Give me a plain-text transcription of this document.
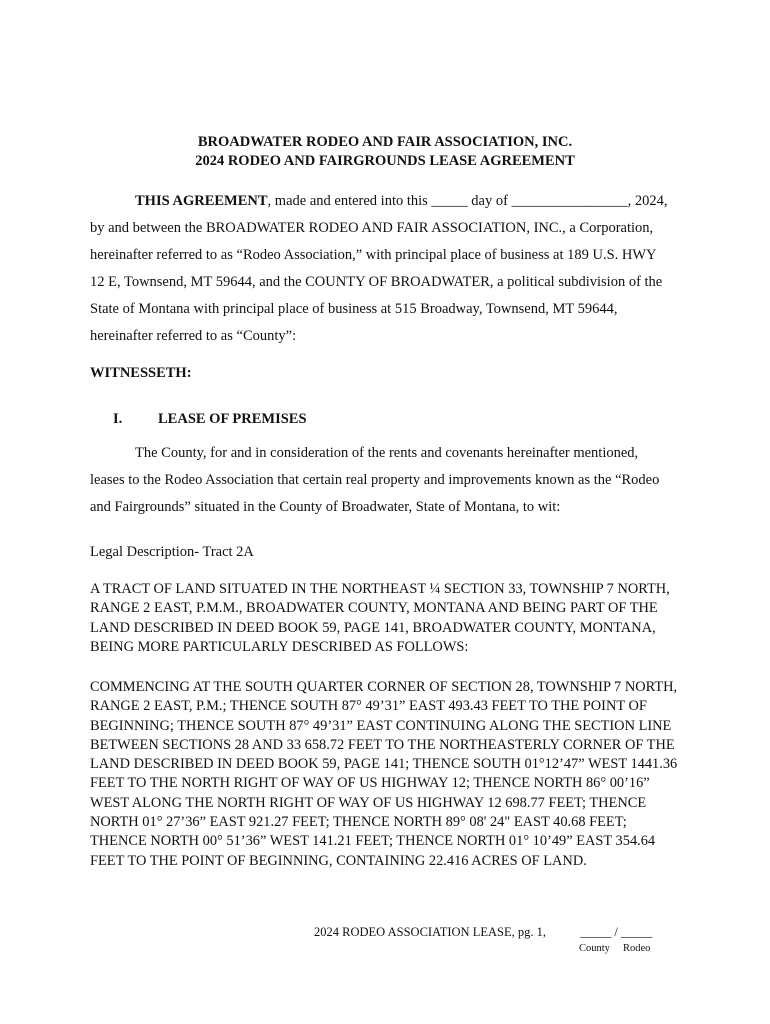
BROADWATER RODEO AND FAIR ASSOCIATION, INC.
2024 RODEO AND FAIRGROUNDS LEASE AGREEMENT

THIS AGREEMENT, made and entered into this _____ day of ________________, 2024, by and between the BROADWATER RODEO AND FAIR ASSOCIATION, INC., a Corporation, hereinafter referred to as “Rodeo Association,” with principal place of business at 189 U.S. HWY 12 E, Townsend, MT 59644, and the COUNTY OF BROADWATER, a political subdivision of the State of Montana with principal place of business at 515 Broadway, Townsend, MT 59644, hereinafter referred to as “County”:

WITNESSETH:
I. LEASE OF PREMISES

The County, for and in consideration of the rents and covenants hereinafter mentioned, leases to the Rodeo Association that certain real property and improvements known as the “Rodeo and Fairgrounds” situated in the County of Broadwater, State of Montana, to wit:

Legal Description- Tract 2A

A TRACT OF LAND SITUATED IN THE NORTHEAST ¼ SECTION 33, TOWNSHIP 7 NORTH, RANGE 2 EAST, P.M.M., BROADWATER COUNTY, MONTANA AND BEING PART OF THE LAND DESCRIBED IN DEED BOOK 59, PAGE 141, BROADWATER COUNTY, MONTANA, BEING MORE PARTICULARLY DESCRIBED AS FOLLOWS:

COMMENCING AT THE SOUTH QUARTER CORNER OF SECTION 28, TOWNSHIP 7 NORTH, RANGE 2 EAST, P.M.; THENCE SOUTH 87° 49’31” EAST 493.43 FEET TO THE POINT OF BEGINNING; THENCE SOUTH 87° 49’31” EAST CONTINUING ALONG THE SECTION LINE BETWEEN SECTIONS 28 AND 33 658.72 FEET TO THE NORTHEASTERLY CORNER OF THE LAND DESCRIBED IN DEED BOOK 59, PAGE 141; THENCE SOUTH 01°12’47” WEST 1441.36 FEET TO THE NORTH RIGHT OF WAY OF US HIGHWAY 12; THENCE NORTH 86° 00’16” WEST ALONG THE NORTH RIGHT OF WAY OF US HIGHWAY 12 698.77 FEET; THENCE NORTH 01° 27’36” EAST 921.27 FEET; THENCE NORTH 89° 08' 24" EAST 40.68 FEET; THENCE NORTH 00° 51’36” WEST 141.21 FEET; THENCE NORTH 01° 10’49” EAST 354.64 FEET TO THE POINT OF BEGINNING, CONTAINING 22.416 ACRES OF LAND.

2024 RODEO ASSOCIATION LEASE, pg. 1,	_____ / _____
County Rodeo
